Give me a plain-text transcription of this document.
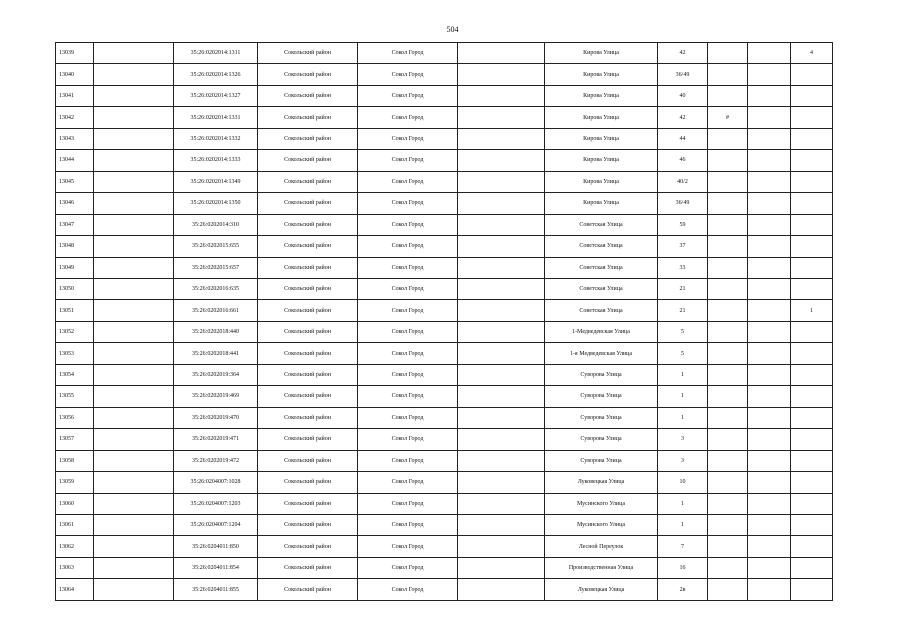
504
13039		35:26:0202014:1311	Сокольский район	Сокол Город		Кирова Улица	42			4
13040		35:26:0202014:1326	Сокольский район	Сокол Город		Кирова Улица	36/49			
13041		35:26:0202014:1327	Сокольский район	Сокол Город		Кирова Улица	40			
13042		35:26:0202014:1331	Сокольский район	Сокол Город		Кирова Улица	42	#		
13043		35:26:0202014:1332	Сокольский район	Сокол Город		Кирова Улица	44			
13044		35:26:0202014:1333	Сокольский район	Сокол Город		Кирова Улица	46			
13045		35:26:0202014:1349	Сокольский район	Сокол Город		Кирова Улица	40/2			
13046		35:26:0202014:1350	Сокольский район	Сокол Город		Кирова Улица	36/49			
13047		35:26:0202014:310	Сокольский район	Сокол Город		Советская Улица	59			
13048		35:26:0202015:655	Сокольский район	Сокол Город		Советская Улица	37			
13049		35:26:0202015:657	Сокольский район	Сокол Город		Советская Улица	33			
13050		35:26:0202016:635	Сокольский район	Сокол Город		Советская Улица	21			
13051		35:26:0202016:661	Сокольский район	Сокол Город		Советская Улица	21			1
13052		35:26:0202018:440	Сокольский район	Сокол Город		1-Медведевская Улица	5			
13053		35:26:0202018:441	Сокольский район	Сокол Город		1-я Медведевская Улица	5			
13054		35:26:0202019:364	Сокольский район	Сокол Город		Суворова Улица	1			
13055		35:26:0202019:469	Сокольский район	Сокол Город		Суворова Улица	1			
13056		35:26:0202019:470	Сокольский район	Сокол Город		Суворова Улица	1			
13057		35:26:0202019:471	Сокольский район	Сокол Город		Суворова Улица	3			
13058		35:26:0202019:472	Сокольский район	Сокол Город		Суворова Улица	3			
13059		35:26:0204007:1028	Сокольский район	Сокол Город		Луковецкая Улица	10			
13060		35:26:0204007:1203	Сокольский район	Сокол Город		Мусинского Улица	1			
13061		35:26:0204007:1204	Сокольский район	Сокол Город		Мусинского Улица	1			
13062		35:26:0204011:850	Сокольский район	Сокол Город		Лесной Переулок	7			
13063		35:26:0204011:854	Сокольский район	Сокол Город		Производственная Улица	16			
13064		35:26:0204011:855	Сокольский район	Сокол Город		Луковецкая Улица	2в			
